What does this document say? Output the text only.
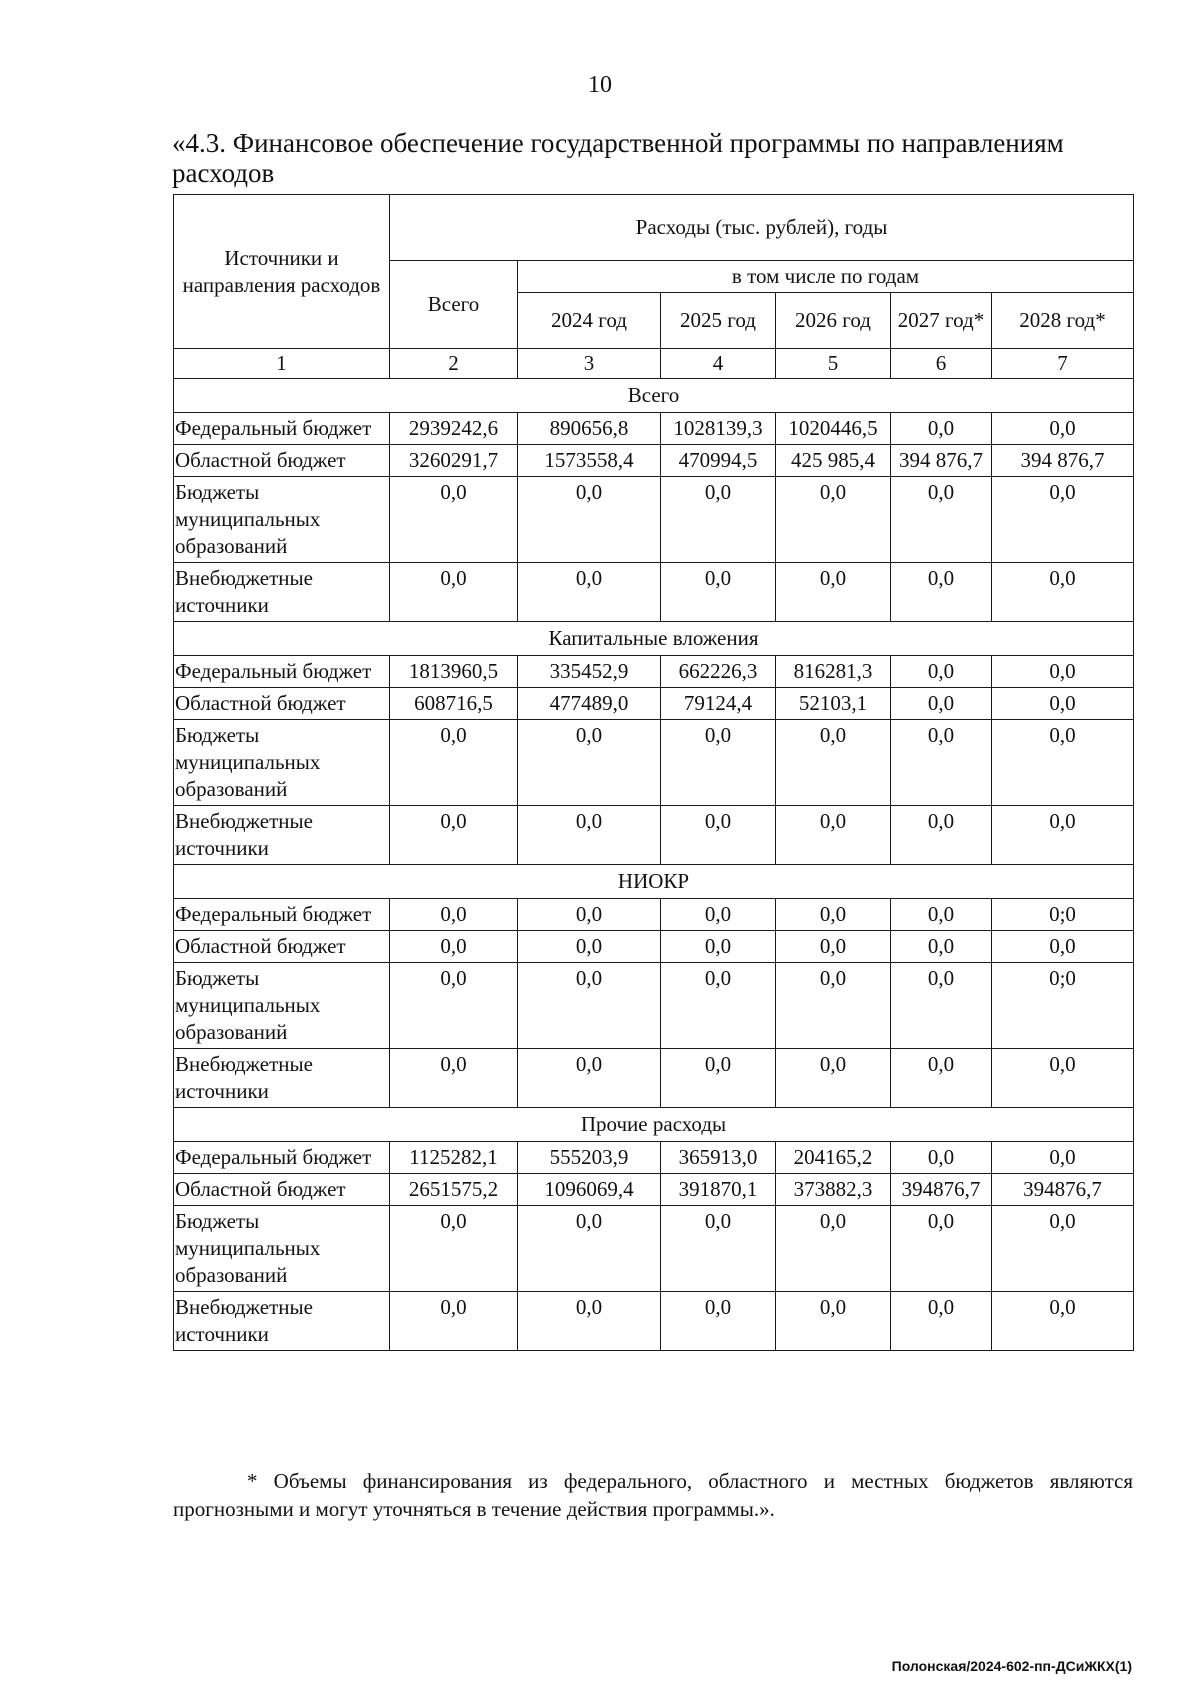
10
«4.3. Финансовое обеспечение государственной программы по направлениям расходов
Источники и направления расходов	Расходы (тыс. рублей), годы					
	Всего	в том числе по годам				
		2024 год	2025 год	2026 год	2027 год*	2028 год*
1	2	3	4	5	6	7
Всего						
Федеральный бюджет	2939242,6	890656,8	1028139,3	1020446,5	0,0	0,0
Областной бюджет	3260291,7	1573558,4	470994,5	425 985,4	394 876,7	394 876,7
Бюджеты муниципальных образований	0,0	0,0	0,0	0,0	0,0	0,0
Внебюджетные источники	0,0	0,0	0,0	0,0	0,0	0,0
Капитальные вложения						
Федеральный бюджет	1813960,5	335452,9	662226,3	816281,3	0,0	0,0
Областной бюджет	608716,5	477489,0	79124,4	52103,1	0,0	0,0
Бюджеты муниципальных образований	0,0	0,0	0,0	0,0	0,0	0,0
Внебюджетные источники	0,0	0,0	0,0	0,0	0,0	0,0
НИОКР						
Федеральный бюджет	0,0	0,0	0,0	0,0	0,0	0;0
Областной бюджет	0,0	0,0	0,0	0,0	0,0	0,0
Бюджеты муниципальных образований	0,0	0,0	0,0	0,0	0,0	0;0
Внебюджетные источники	0,0	0,0	0,0	0,0	0,0	0,0
Прочие расходы						
Федеральный бюджет	1125282,1	555203,9	365913,0	204165,2	0,0	0,0
Областной бюджет	2651575,2	1096069,4	391870,1	373882,3	394876,7	394876,7
Бюджеты муниципальных образований	0,0	0,0	0,0	0,0	0,0	0,0
Внебюджетные источники	0,0	0,0	0,0	0,0	0,0	0,0
* Объемы финансирования из федерального, областного и местных бюджетов являются прогнозными и могут уточняться в течение действия программы.».
Полонская/2024-602-пп-ДСиЖКХ(1)
